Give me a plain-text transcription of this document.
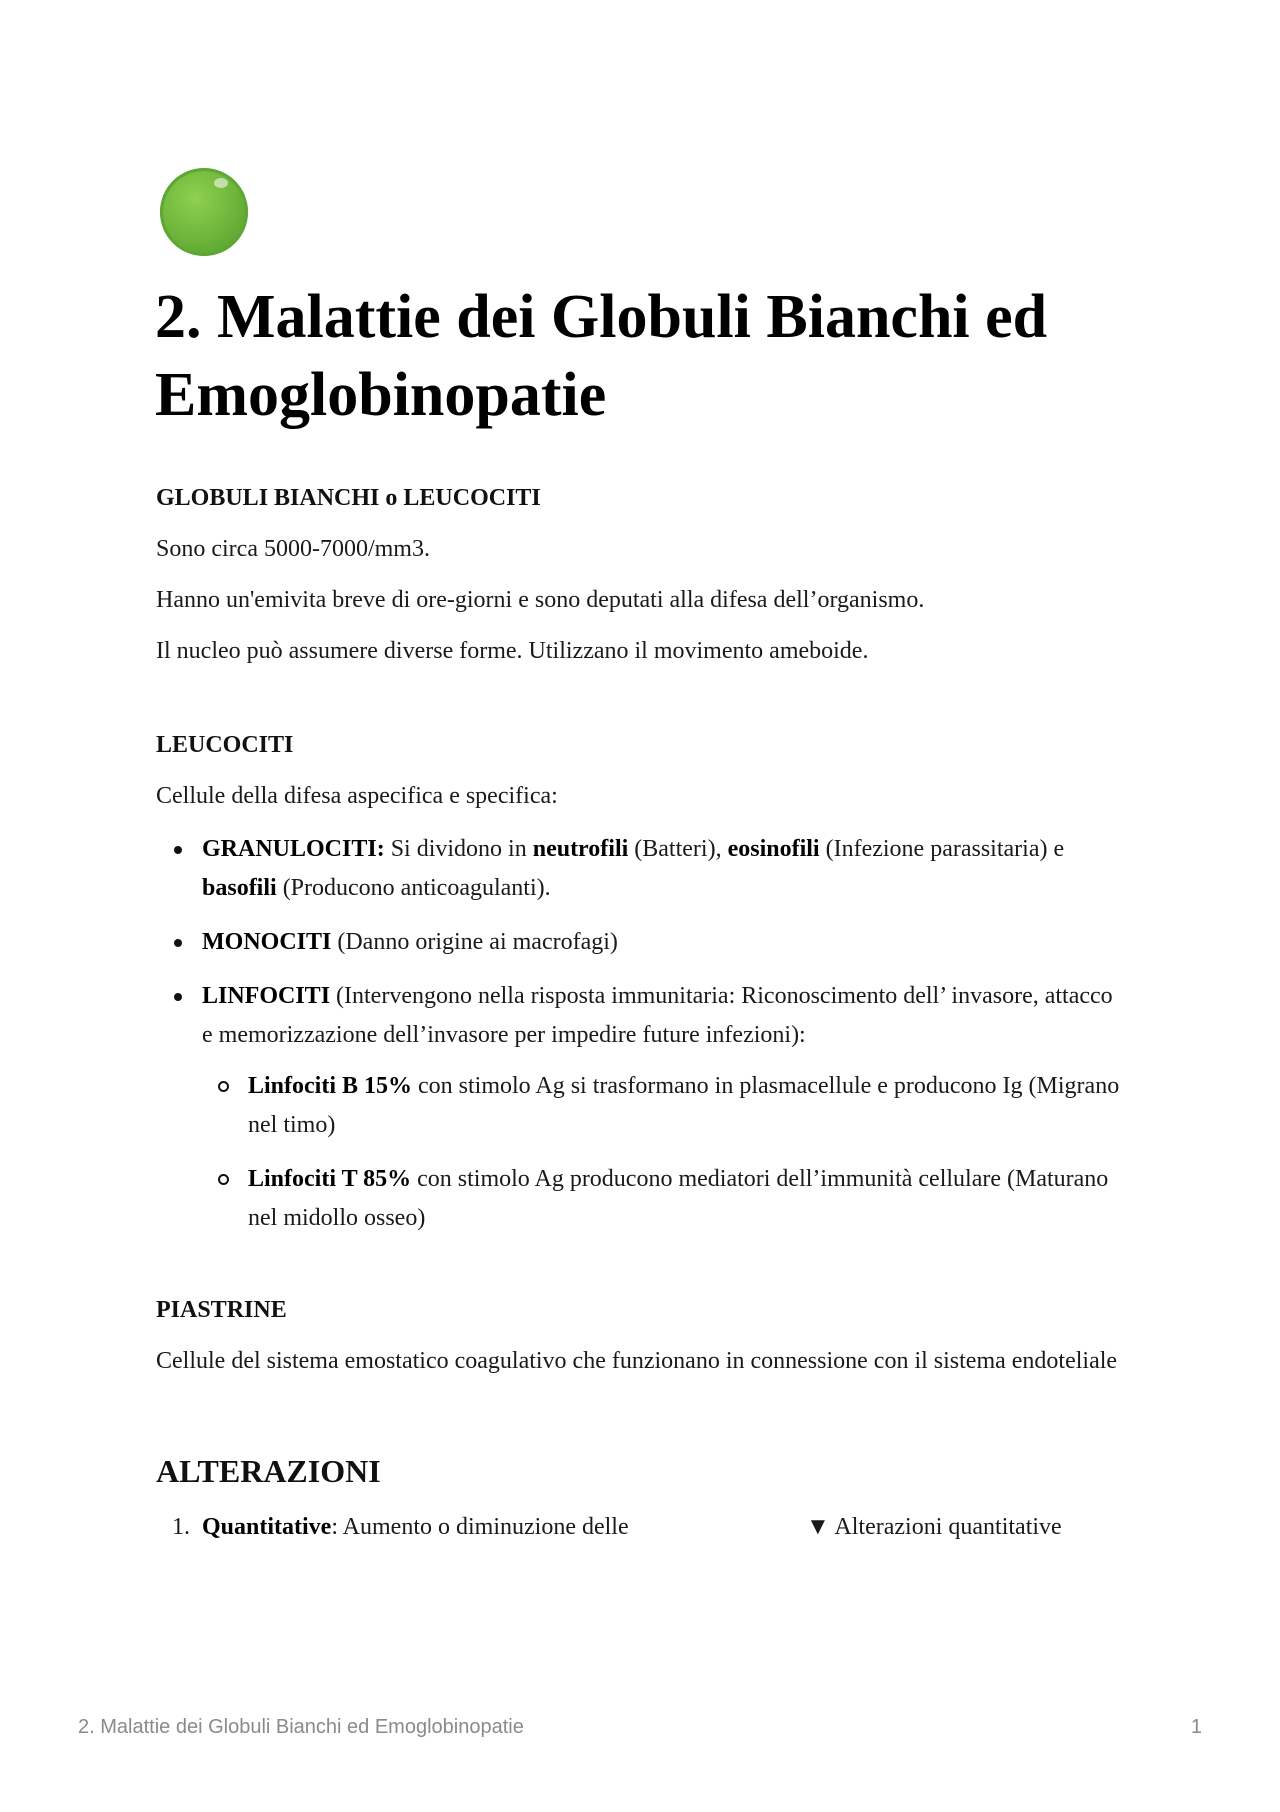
2. Malattie dei Globuli Bianchi ed Emoglobinopatie
GLOBULI BIANCHI o LEUCOCITI

Sono circa 5000-7000/mm3.

Hanno un'emivita breve di ore-giorni e sono deputati alla difesa dell’organismo.

Il nucleo può assumere diverse forme. Utilizzano il movimento ameboide.

LEUCOCITI

Cellule della difesa aspecifica e specifica:

GRANULOCITI: Si dividono in neutrofili (Batteri), eosinofili (Infezione parassitaria) e basofili (Producono anticoagulanti).
MONOCITI (Danno origine ai macrofagi)
LINFOCITI (Intervengono nella risposta immunitaria: Riconoscimento dell’ invasore, attacco e memorizzazione dell’invasore per impedire future infezioni):
Linfociti B 15% con stimolo Ag si trasformano in plasmacellule e producono Ig (Migrano nel timo)
Linfociti T 85% con stimolo Ag producono mediatori dell’immunità cellulare (Maturano nel midollo osseo)
PIASTRINE

Cellule del sistema emostatico coagulativo che funzionano in connessione con il sistema endoteliale

ALTERAZIONI
1. Quantitative: Aumento o diminuzione delle	▼ Alterazioni quantitative
2. Malattie dei Globuli Bianchi ed Emoglobinopatie	1
